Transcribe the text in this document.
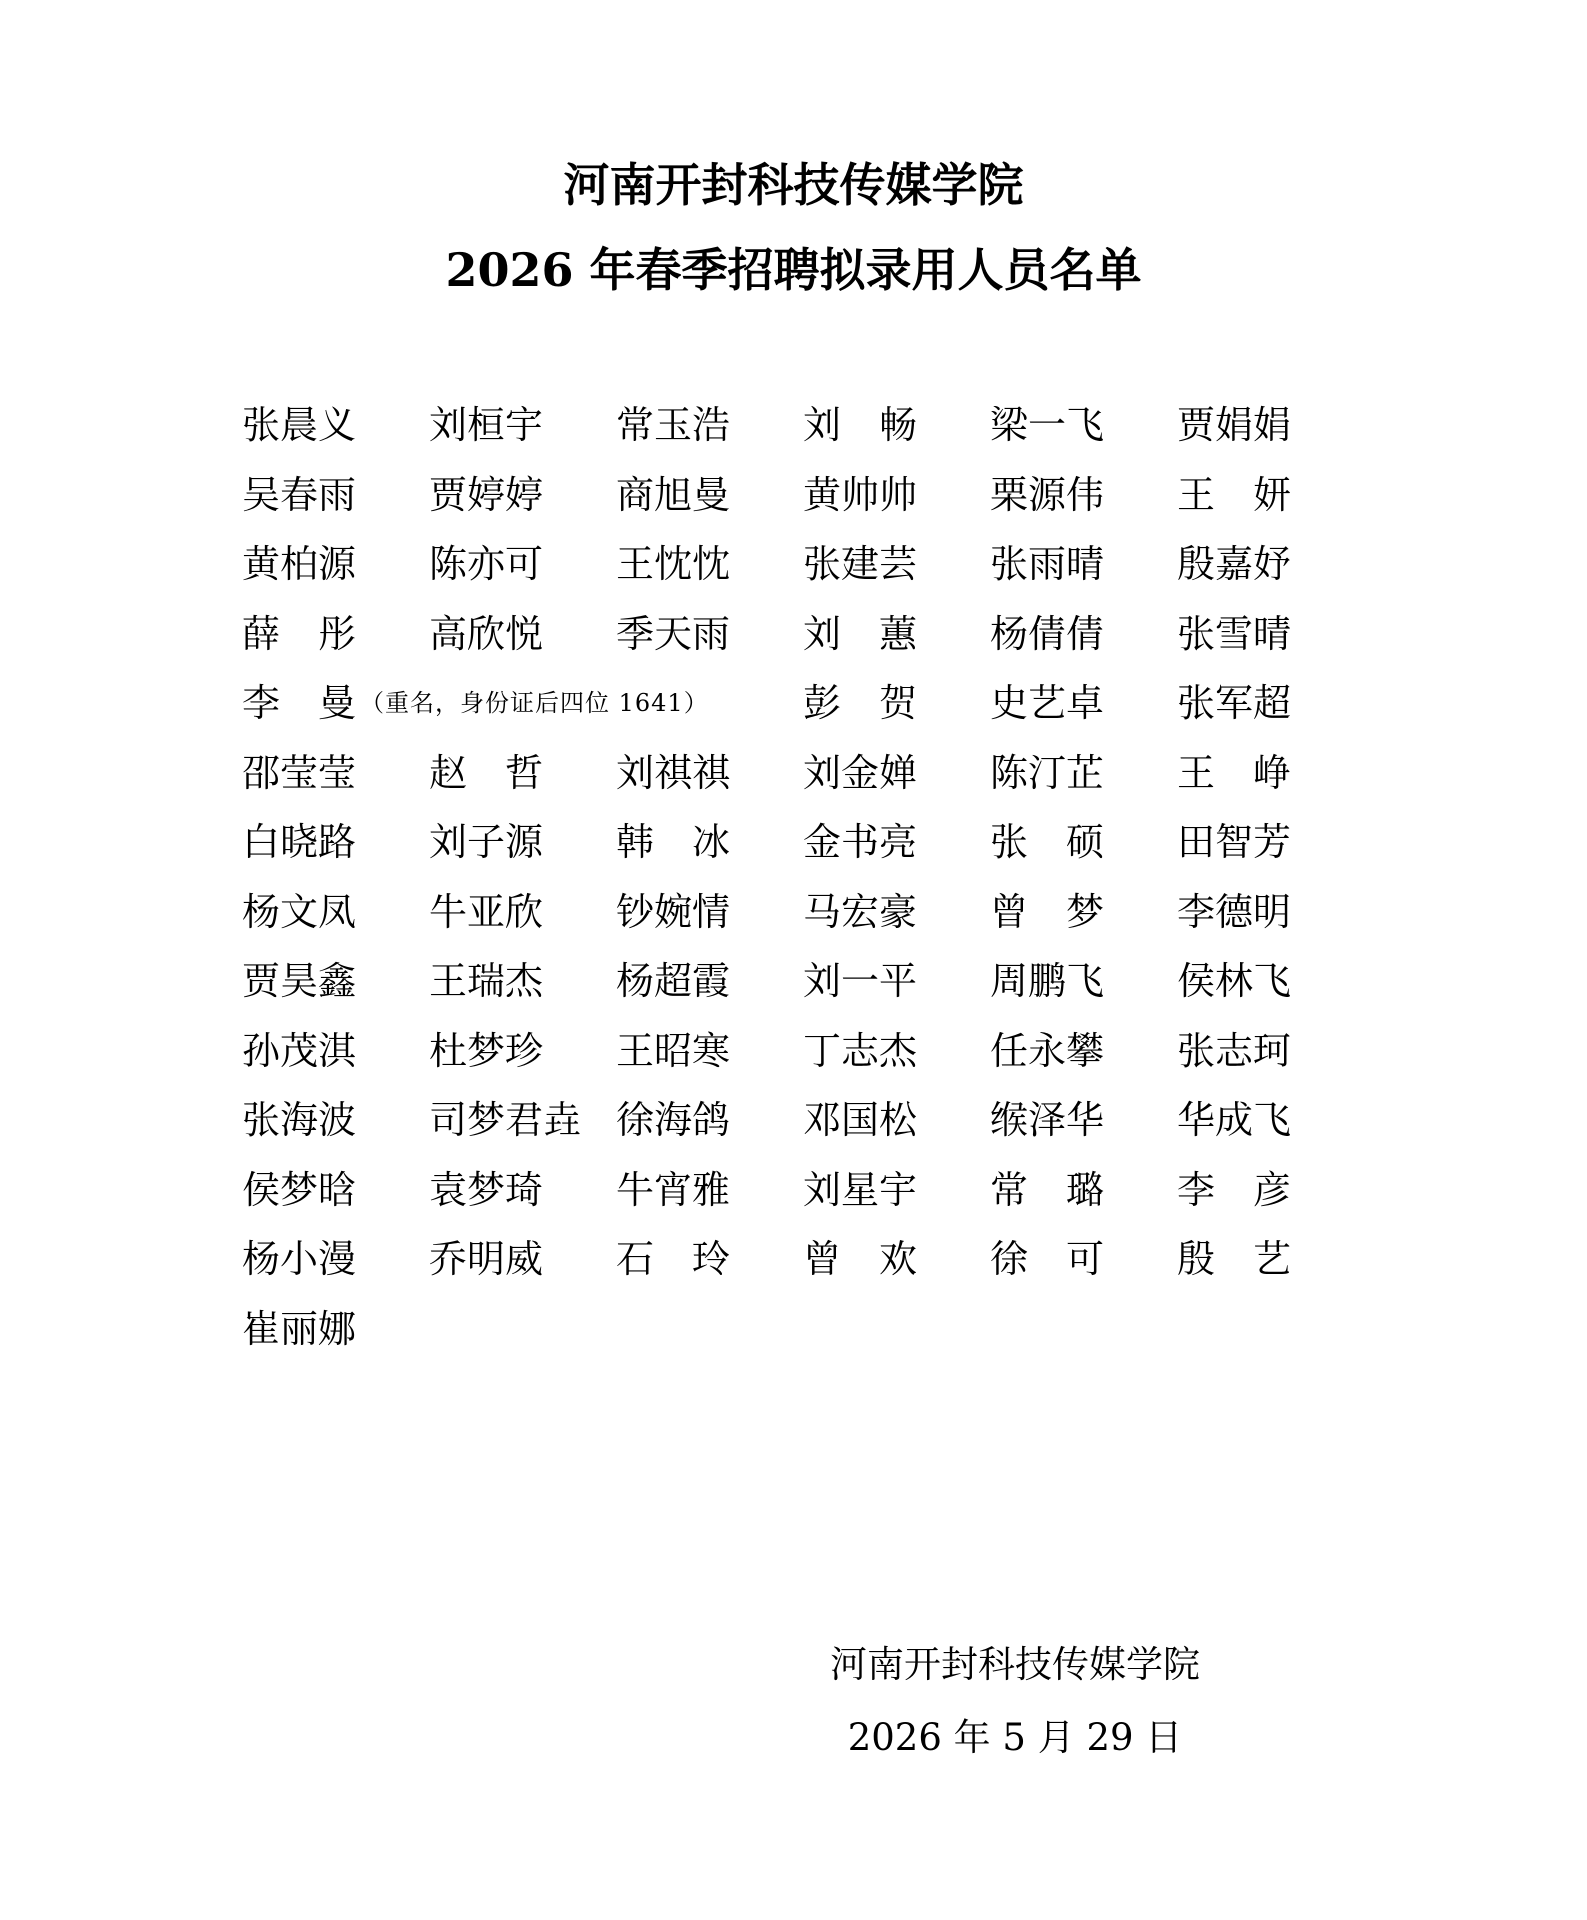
河南开封科技传媒学院
2026 年春季招聘拟录用人员名单
张晨义 刘桓宇 常玉浩 刘 畅 梁一飞 贾娟娟
吴春雨 贾婷婷 商旭曼 黄帅帅 栗源伟 王 妍
黄柏源 陈亦可 王忱忱 张建芸 张雨晴 殷嘉妤
薛 彤 高欣悦 季天雨 刘 蕙 杨倩倩 张雪晴
李 曼 $^{(重名,身份证后四位 1641)}$ 彭 贺 史艺卓 张军超
邵莹莹 赵 哲 刘祺祺 刘金婵 陈汀芷 王 峥
白晓路 刘子源 韩 冰 金书亮 张 硕 田智芳
杨文凤 牛亚欣 钞婉情 马宏豪 曾 梦 李德明
贾昊鑫 王瑞杰 杨超霞 刘一平 周鹏飞 侯林飞
孙茂淇 杜梦珍 王昭寒 丁志杰 任永攀 张志珂
张海波 司梦君垚 徐海鸽 邓国松 缑泽华 华成飞
侯梦晗 袁梦琦 牛宵雅 刘星宇 常 璐 李 彦
杨小漫 乔明威 石 玲 曾 欢 徐 可 殷 艺
崔丽娜
河南开封科技传媒学院
2026 年 5 月 29 日
